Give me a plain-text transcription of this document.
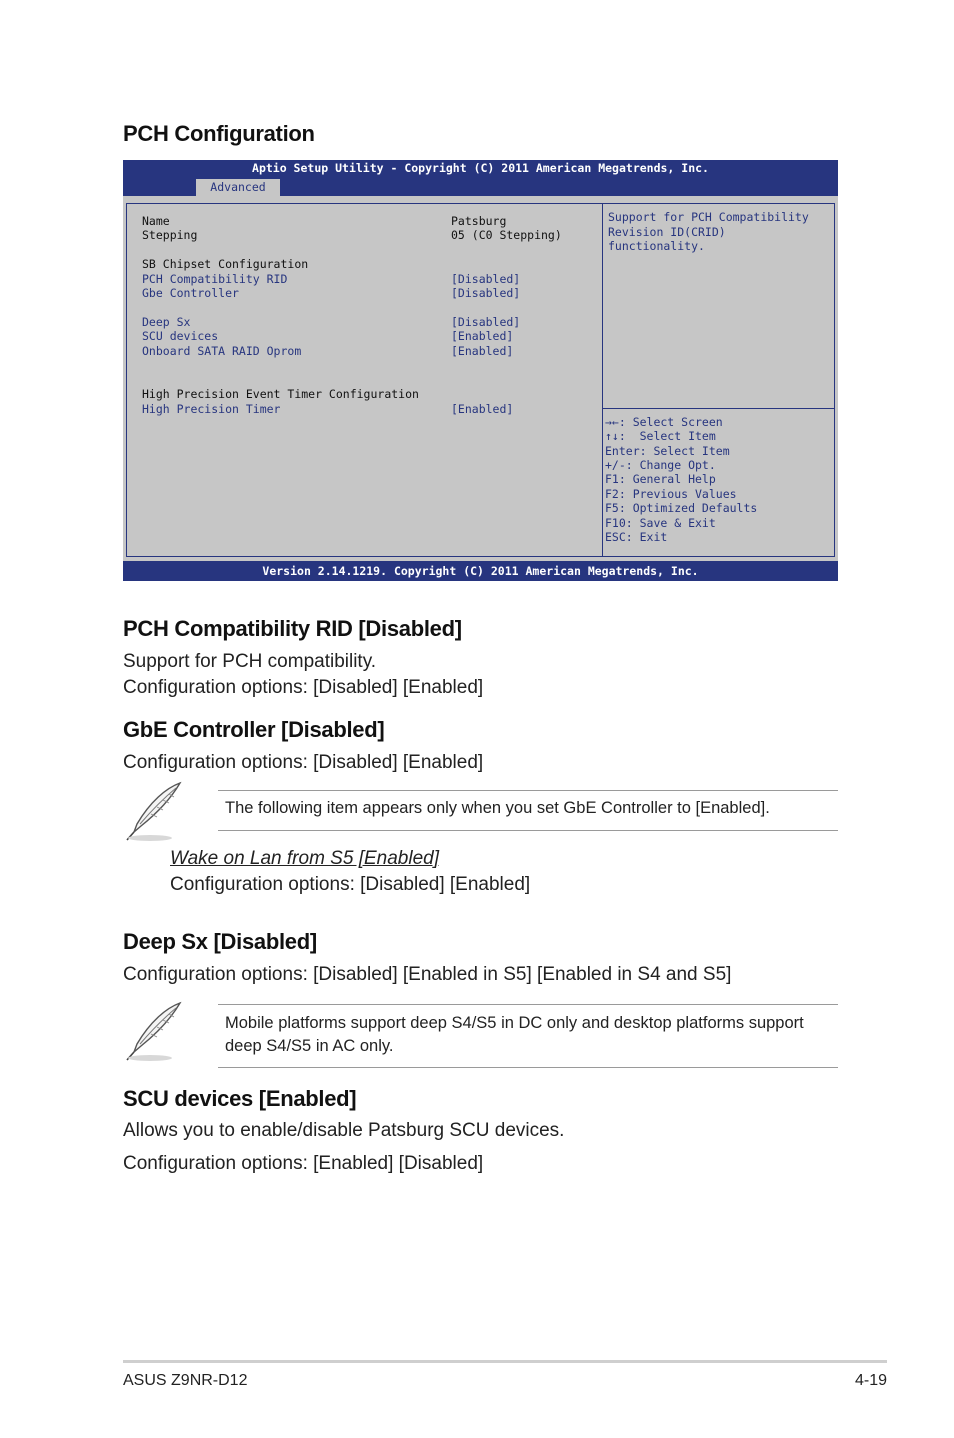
PCH Configuration
Aptio Setup Utility - Copyright (C) 2011 American Megatrends, Inc.
Advanced
Name	Patsburg
Stepping	05 (C0 Stepping)
SB Chipset Configuration
PCH Compatibility RID	[Disabled]
Gbe Controller	[Disabled]
Deep Sx	[Disabled]
SCU devices	[Enabled]
Onboard SATA RAID Oprom	[Enabled]
High Precision Event Timer Configuration
High Precision Timer	[Enabled]
Support for PCH Compatibility
Revision ID(CRID)
functionality.
→←: Select Screen
↑↓:  Select Item
Enter: Select Item
+/-: Change Opt.
F1: General Help
F2: Previous Values
F5: Optimized Defaults
F10: Save & Exit
ESC: Exit
Version 2.14.1219. Copyright (C) 2011 American Megatrends, Inc.
PCH Compatibility RID [Disabled]
Support for PCH compatibility.
Configuration options: [Disabled] [Enabled]
GbE Controller [Disabled]
Configuration options: [Disabled] [Enabled]
The following item appears only when you set GbE Controller to [Enabled].
Wake on Lan from S5 [Enabled]
Configuration options: [Disabled] [Enabled]
Deep Sx [Disabled]
Configuration options: [Disabled] [Enabled in S5] [Enabled in S4 and S5]
Mobile platforms support deep S4/S5 in DC only and desktop platforms support
deep S4/S5 in AC only.
SCU devices [Enabled]
Allows you to enable/disable Patsburg SCU devices.
Configuration options: [Enabled] [Disabled]
ASUS Z9NR-D12	4-19
